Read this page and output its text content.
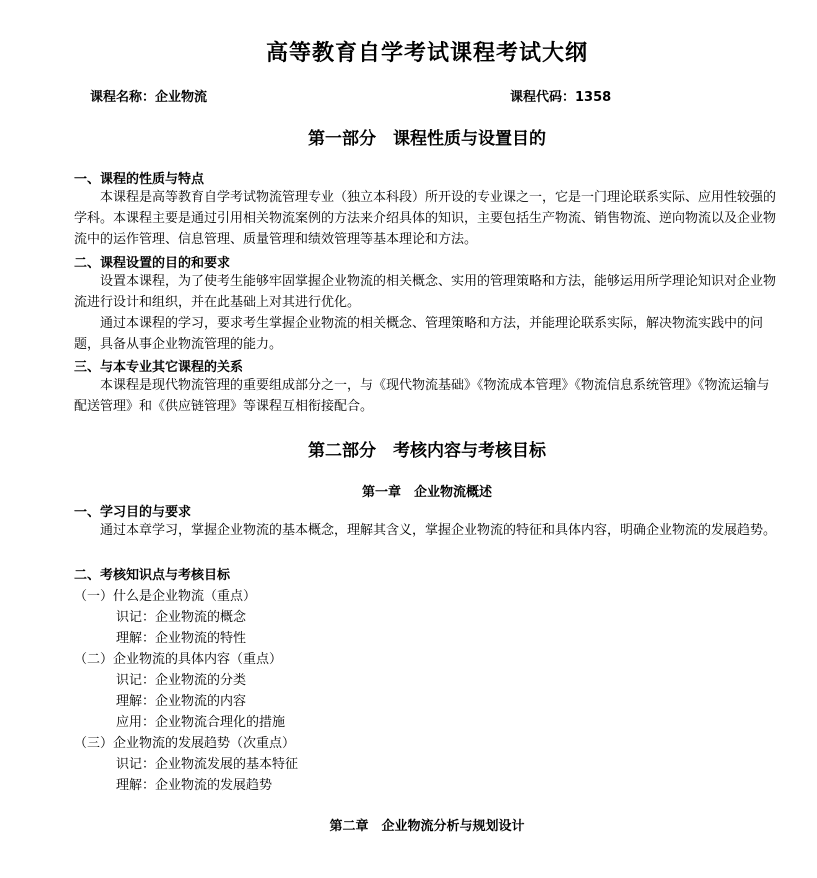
高等教育自学考试课程考试大纲
课程名称：企业物流	课程代码：1358
第一部分　课程性质与设置目的
一、课程的性质与特点
本课程是高等教育自学考试物流管理专业（独立本科段）所开设的专业课之一，它是一门理论联系实际、应用性较强的学科。本课程主要是通过引用相关物流案例的方法来介绍具体的知识，主要包括生产物流、销售物流、逆向物流以及企业物流中的运作管理、信息管理、质量管理和绩效管理等基本理论和方法。
二、课程设置的目的和要求
设置本课程，为了使考生能够牢固掌握企业物流的相关概念、实用的管理策略和方法，能够运用所学理论知识对企业物流进行设计和组织，并在此基础上对其进行优化。
通过本课程的学习，要求考生掌握企业物流的相关概念、管理策略和方法，并能理论联系实际，解决物流实践中的问题，具备从事企业物流管理的能力。
三、与本专业其它课程的关系
本课程是现代物流管理的重要组成部分之一，与《现代物流基础》《物流成本管理》《物流信息系统管理》《物流运输与配送管理》和《供应链管理》等课程互相衔接配合。
第二部分　考核内容与考核目标
第一章　企业物流概述
一、学习目的与要求
通过本章学习，掌握企业物流的基本概念，理解其含义，掌握企业物流的特征和具体内容，明确企业物流的发展趋势。
二、考核知识点与考核目标
（一）什么是企业物流（重点）
识记：企业物流的概念
理解：企业物流的特性
（二）企业物流的具体内容（重点）
识记：企业物流的分类
理解：企业物流的内容
应用：企业物流合理化的措施
（三）企业物流的发展趋势（次重点）
识记：企业物流发展的基本特征
理解：企业物流的发展趋势
第二章　企业物流分析与规划设计
